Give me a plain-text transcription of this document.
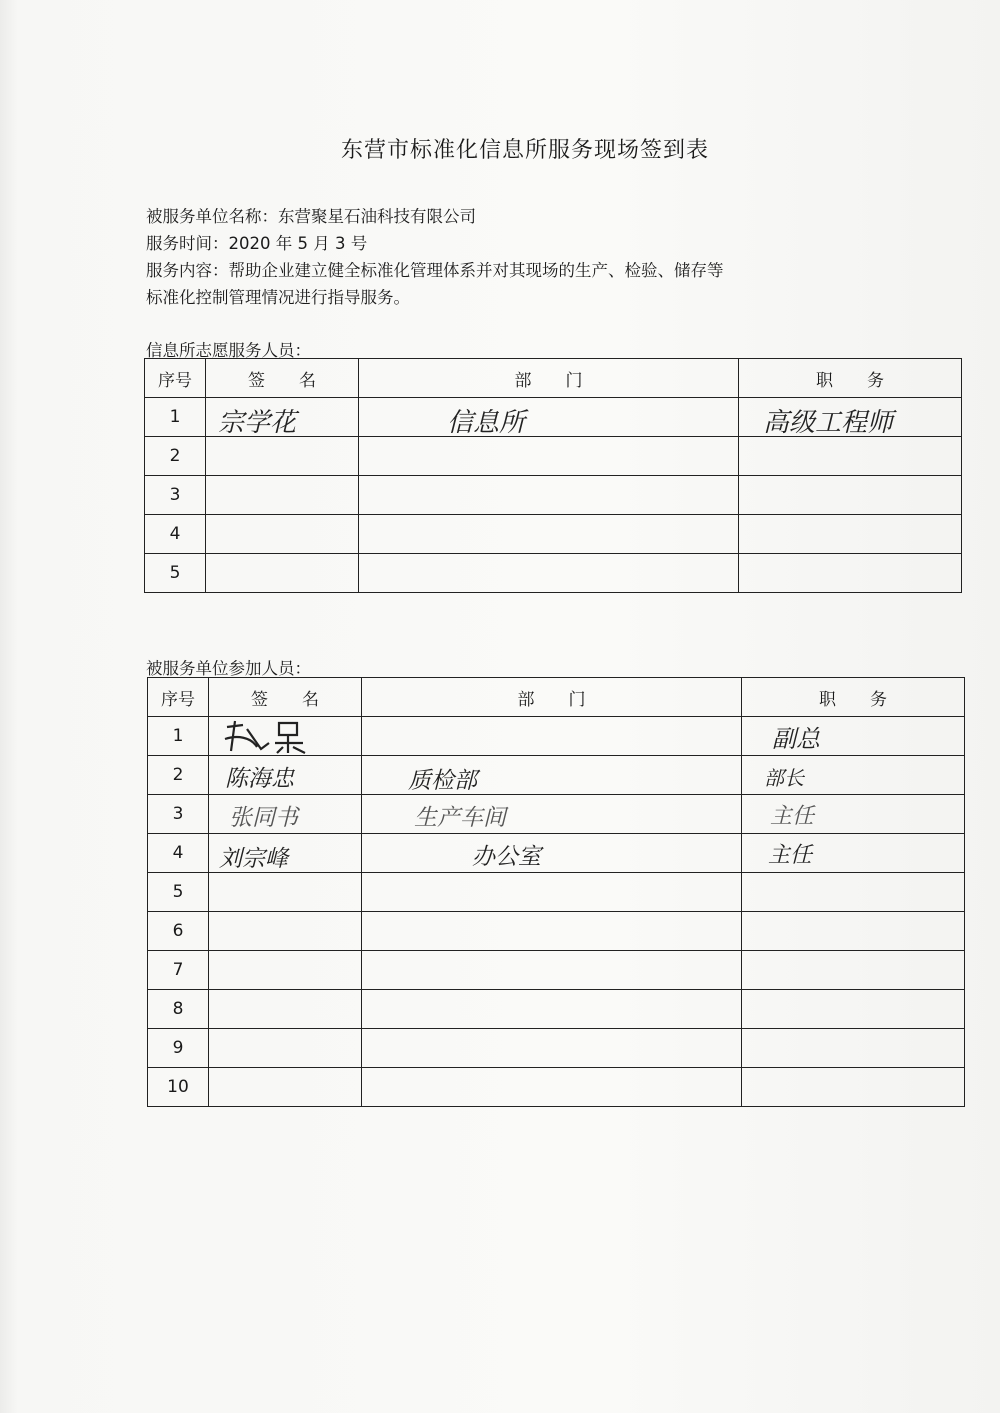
东营市标准化信息所服务现场签到表
被服务单位名称：东营聚星石油科技有限公司
服务时间：2020 年 5 月 3 号
服务内容：帮助企业建立健全标准化管理体系并对其现场的生产、检验、储存等
标准化控制管理情况进行指导服务。
信息所志愿服务人员：
序号	签　　名	部　　门	职　　务
1	宗学花	信息所	高级工程师

2			
3			
4			
5			
被服务单位参加人员：
序号	签　　名	部　　门	职　　务
1			副总

2	陈海忠	质检部	部长

3	张同书	生产车间	主任

4	刘宗峰	办公室	主任

5			
6			
7			
8			
9			
10			
